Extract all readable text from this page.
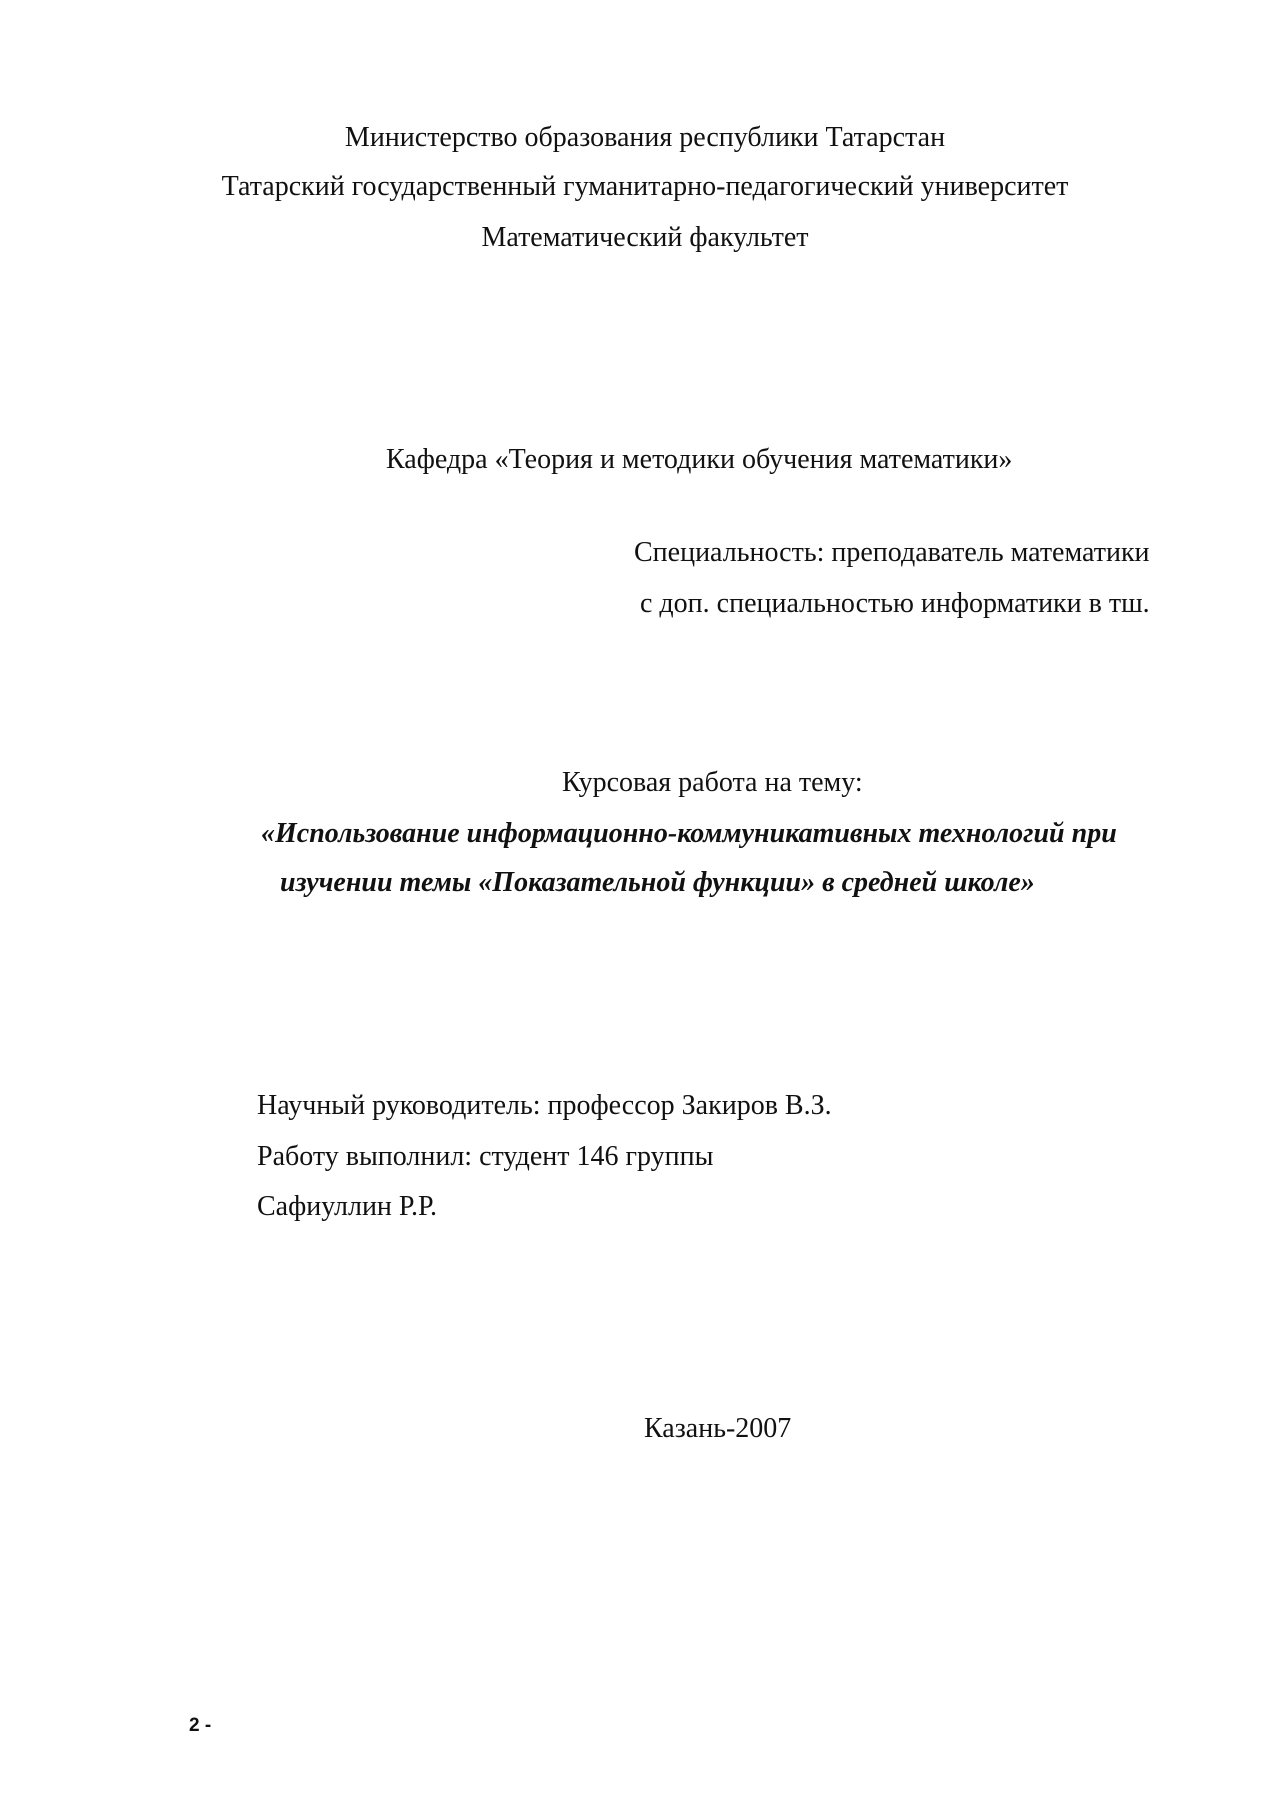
Министерство образования республики Татарстан

Татарский государственный гуманитарно-педагогический университет

Математический факультет

Кафедра «Теория и методики обучения математики»

Специальность: преподаватель математики

с доп. специальностью информатики в тш.

Курсовая работа на тему:

«Использование информационно-коммуникативных технологий при

изучении темы «Показательной функции» в средней школе»

Научный руководитель: профессор Закиров В.З.

Работу выполнил: студент 146 группы

Сафиуллин Р.Р.

Казань-2007

2 -
